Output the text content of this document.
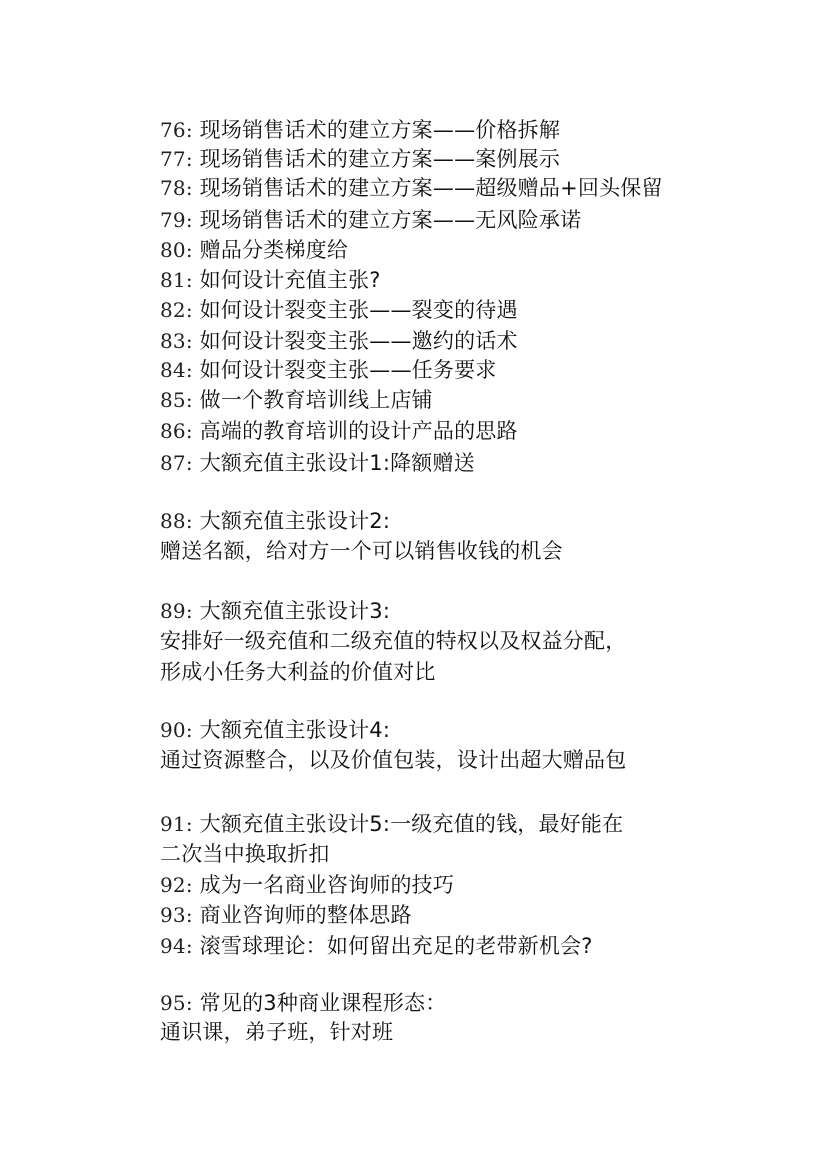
76: 现场销售话术的建立方案——价格拆解
77: 现场销售话术的建立方案——案例展示
78: 现场销售话术的建立方案——超级赠品+回头保留
79: 现场销售话术的建立方案——无风险承诺
80: 赠品分类梯度给
81: 如何设计充值主张?
82: 如何设计裂变主张——裂变的待遇
83: 如何设计裂变主张——邀约的话术
84: 如何设计裂变主张——任务要求
85: 做一个教育培训线上店铺
86: 高端的教育培训的设计产品的思路
87: 大额充值主张设计1:降额赠送
88: 大额充值主张设计2:
赠送名额，给对方一个可以销售收钱的机会
89: 大额充值主张设计3:
安排好一级充值和二级充值的特权以及权益分配，
形成小任务大利益的价值对比
90: 大额充值主张设计4:
通过资源整合，以及价值包装，设计出超大赠品包
91: 大额充值主张设计5:一级充值的钱，最好能在
二次当中换取折扣
92: 成为一名商业咨询师的技巧
93: 商业咨询师的整体思路
94: 滚雪球理论：如何留出充足的老带新机会?
95: 常见的3种商业课程形态：
通识课，弟子班，针对班
